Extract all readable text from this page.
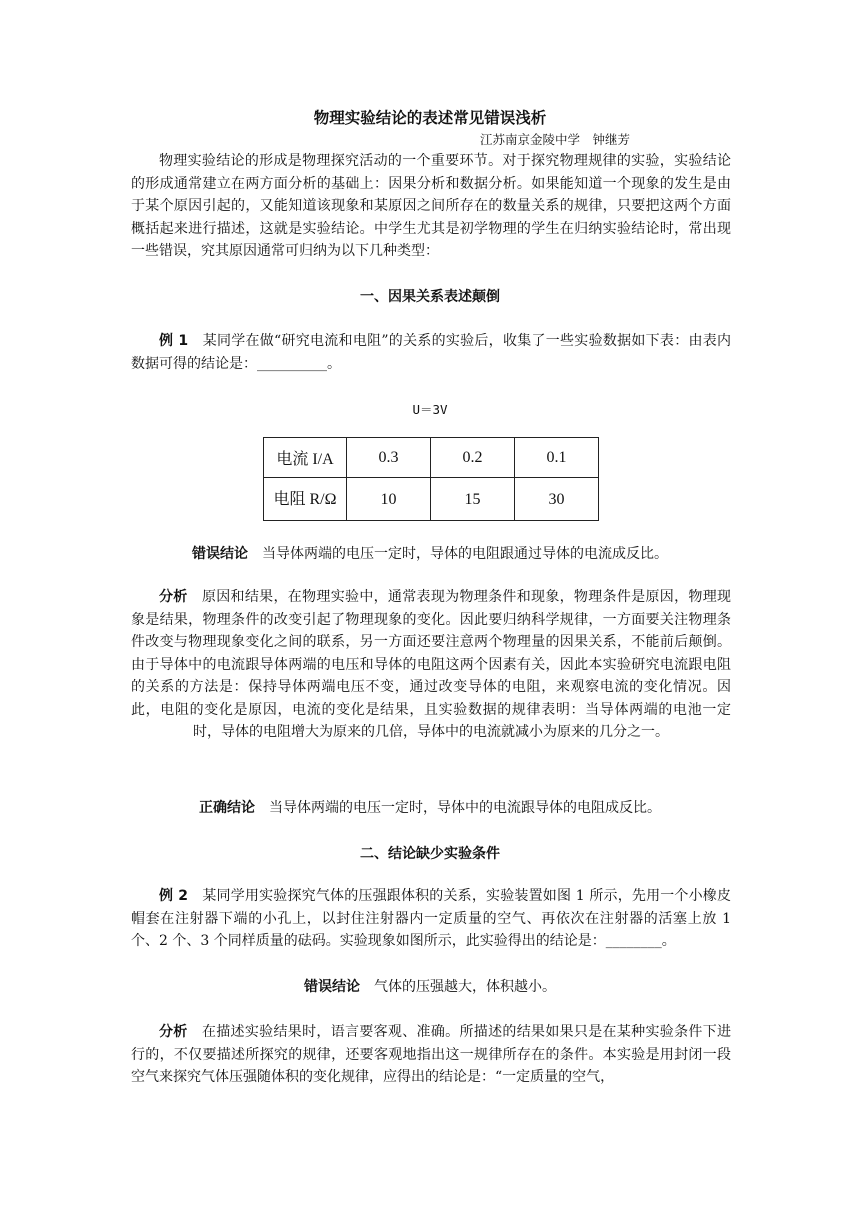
物理实验结论的表述常见错误浅析
江苏南京金陵中学　钟继芳
物理实验结论的形成是物理探究活动的一个重要环节。对于探究物理规律的实验，实验结论的形成通常建立在两方面分析的基础上：因果分析和数据分析。如果能知道一个现象的发生是由于某个原因引起的，又能知道该现象和某原因之间所存在的数量关系的规律，只要把这两个方面概括起来进行描述，这就是实验结论。中学生尤其是初学物理的学生在归纳实验结论时，常出现一些错误，究其原因通常可归纳为以下几种类型：
一、因果关系表述颠倒
例 1　 某同学在做“研究电流和电阻”的关系的实验后，收集了一些实验数据如下表：由表内数据可得的结论是：__________。
U＝3V
电流 I/A	0.3	0.2	0.1
电阻 R/Ω	10	15	30
错误结论　 当导体两端的电压一定时，导体的电阻跟通过导体的电流成反比。
分析　 原因和结果，在物理实验中，通常表现为物理条件和现象，物理条件是原因，物理现象是结果，物理条件的改变引起了物理现象的变化。因此要归纳科学规律，一方面要关注物理条件改变与物理现象变化之间的联系，另一方面还要注意两个物理量的因果关系，不能前后颠倒。由于导体中的电流跟导体两端的电压和导体的电阻这两个因素有关，因此本实验研究电流跟电阻的关系的方法是：保持导体两端电压不变，通过改变导体的电阻，来观察电流的变化情况。因此，电阻的变化是原因，电流的变化是结果，且实验数据的规律表明：当导体两端的电池一定时，导体的电阻增大为原来的几倍，导体中的电流就减小为原来的几分之一。
正确结论　 当导体两端的电压一定时，导体中的电流跟导体的电阻成反比。
二、结论缺少实验条件
例 2　 某同学用实验探究气体的压强跟体积的关系，实验装置如图 1 所示，先用一个小橡皮帽套在注射器下端的小孔上，以封住注射器内一定质量的空气、再依次在注射器的活塞上放 1 个、2 个、3 个同样质量的砝码。实验现象如图所示，此实验得出的结论是：________。
错误结论　 气体的压强越大，体积越小。
分析　 在描述实验结果时，语言要客观、准确。所描述的结果如果只是在某种实验条件下进行的，不仅要描述所探究的规律，还要客观地指出这一规律所存在的条件。本实验是用封闭一段空气来探究气体压强随体积的变化规律，应得出的结论是：“一定质量的空气，
